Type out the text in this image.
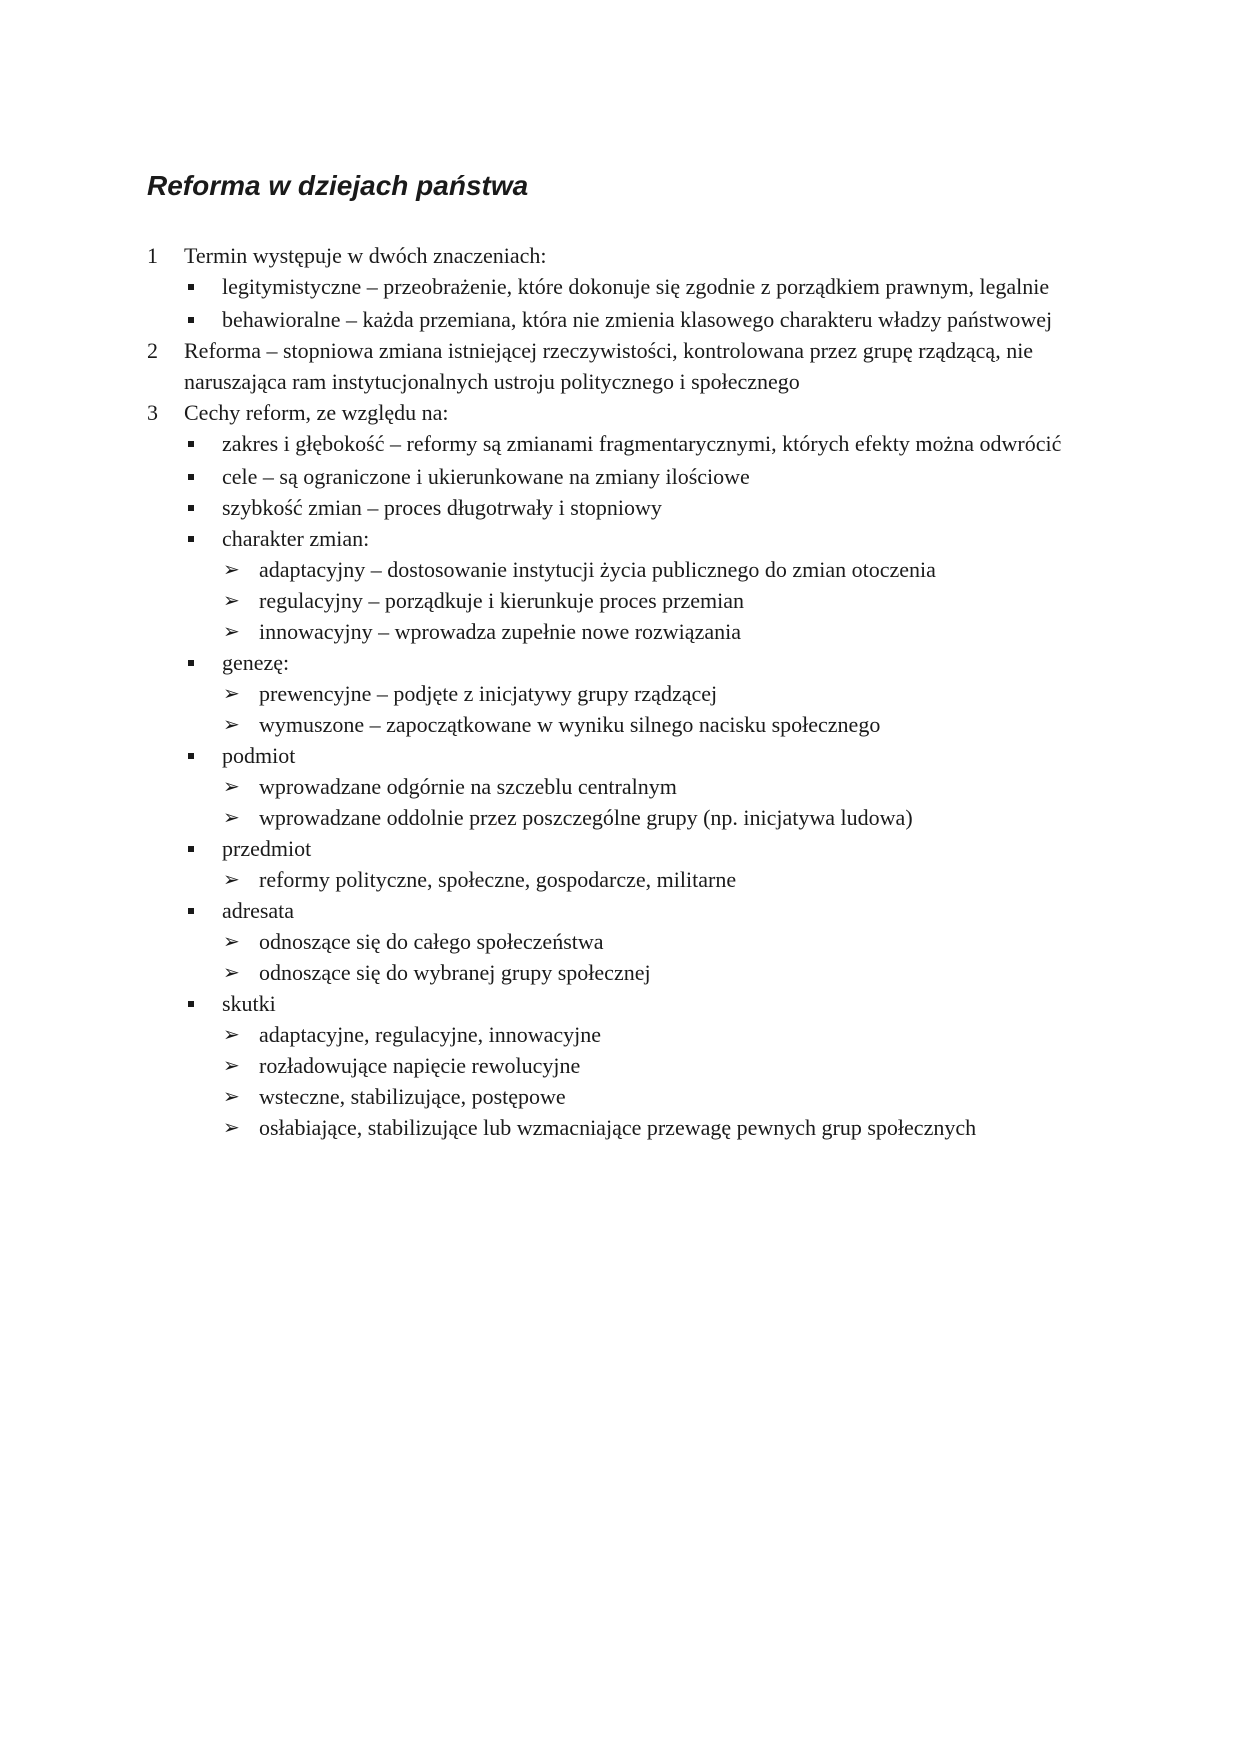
Reforma w dziejach państwa
1 Termin występuje w dwóch znaczeniach:
legitymistyczne – przeobrażenie, które dokonuje się zgodnie z porządkiem prawnym, legalnie
behawioralne – każda przemiana, która nie zmienia klasowego charakteru władzy państwowej
2 Reforma – stopniowa zmiana istniejącej rzeczywistości, kontrolowana przez grupę rządzącą, nie naruszająca ram instytucjonalnych ustroju politycznego i społecznego
3 Cechy reform, ze względu na:
zakres i głębokość – reformy są zmianami fragmentarycznymi, których efekty można odwrócić
cele – są ograniczone i ukierunkowane na zmiany ilościowe
szybkość zmian – proces długotrwały i stopniowy
charakter zmian:
➢ adaptacyjny – dostosowanie instytucji życia publicznego do zmian otoczenia
➢ regulacyjny – porządkuje i kierunkuje proces przemian
➢ innowacyjny – wprowadza zupełnie nowe rozwiązania
genezę:
➢ prewencyjne – podjęte z inicjatywy grupy rządzącej
➢ wymuszone – zapoczątkowane w wyniku silnego nacisku społecznego
podmiot
➢ wprowadzane odgórnie na szczeblu centralnym
➢ wprowadzane oddolnie przez poszczególne grupy (np. inicjatywa ludowa)
przedmiot
➢ reformy polityczne, społeczne, gospodarcze, militarne
adresata
➢ odnoszące się do całego społeczeństwa
➢ odnoszące się do wybranej grupy społecznej
skutki
➢ adaptacyjne, regulacyjne, innowacyjne
➢ rozładowujące napięcie rewolucyjne
➢ wsteczne, stabilizujące, postępowe
➢ osłabiające, stabilizujące lub wzmacniające przewagę pewnych grup społecznych
